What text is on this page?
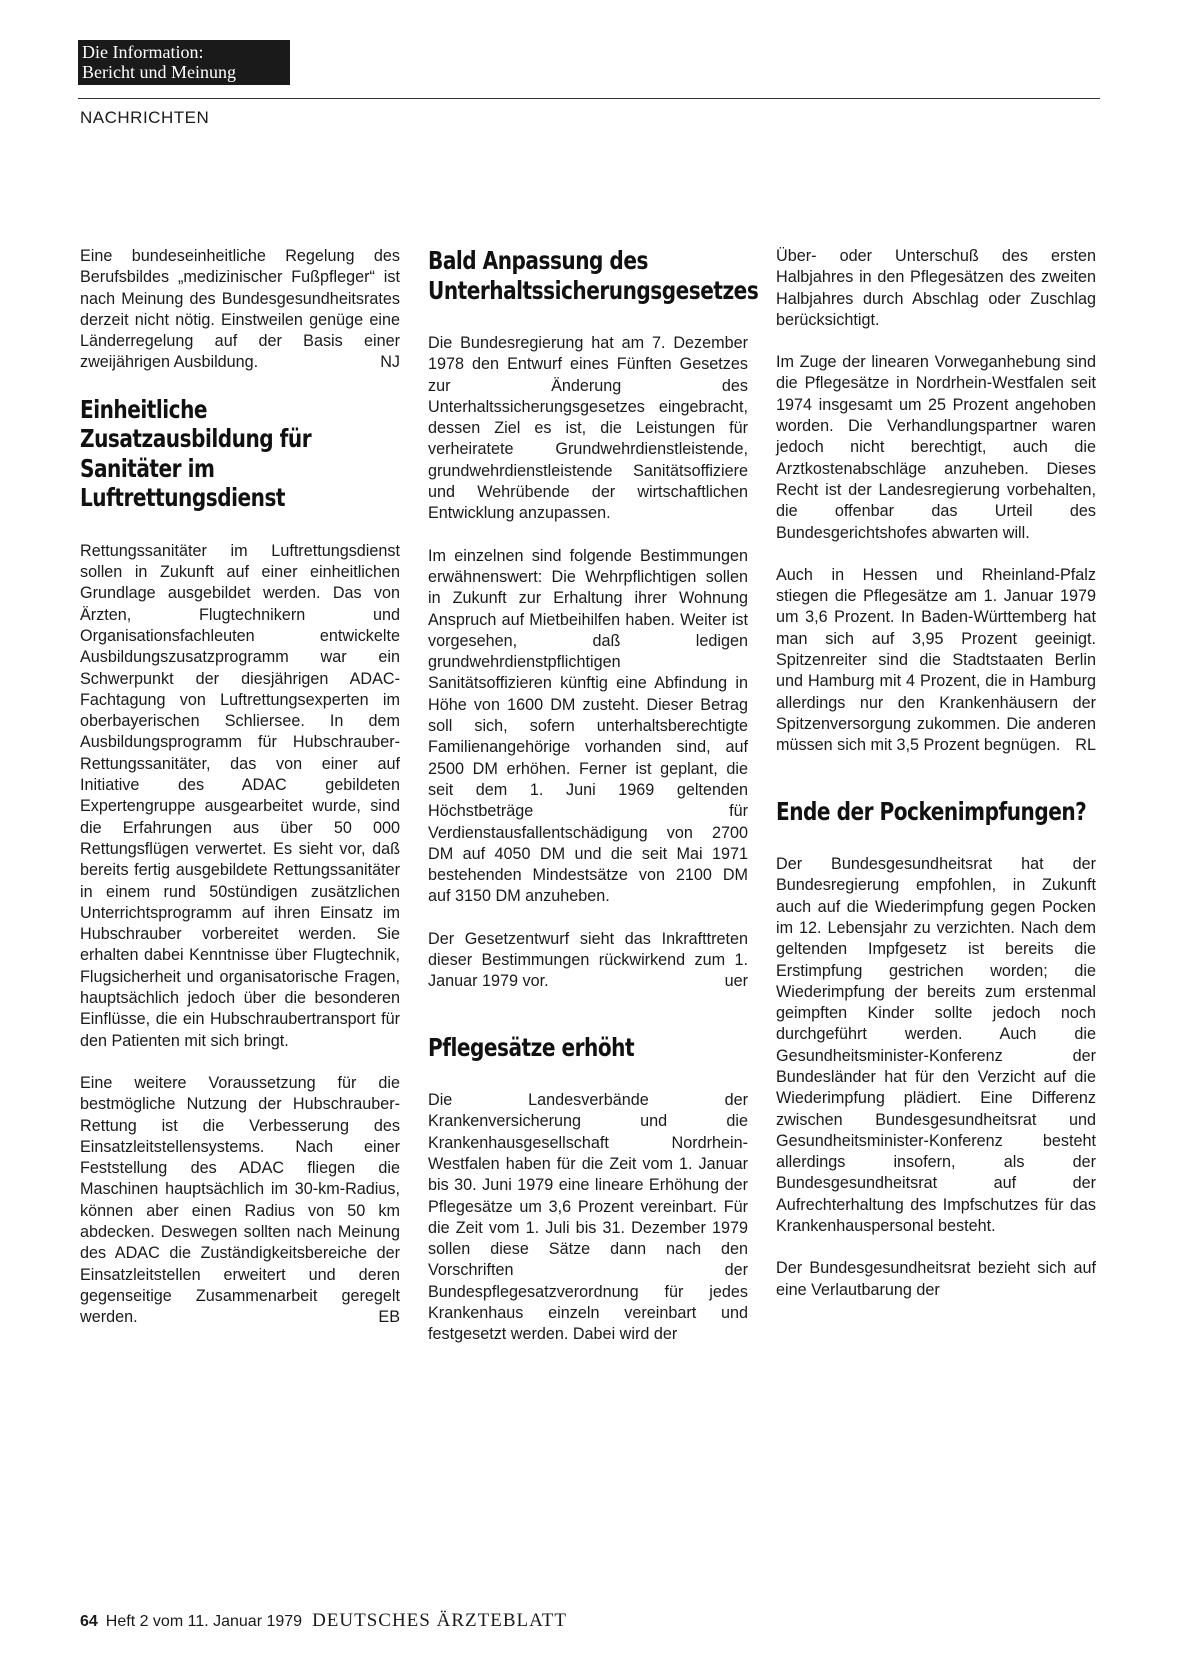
Die Information:
Bericht und Meinung
NACHRICHTEN

Eine bundeseinheitliche Regelung des Berufsbildes „medizinischer Fußpfleger“ ist nach Meinung des Bundesgesundheitsrates derzeit nicht nötig. Einstweilen genüge eine Länderregelung auf der Basis einer zweijährigen Ausbildung.	NJ

Einheitliche Zusatzausbildung für Sanitäter im Luftrettungsdienst

Rettungssanitäter im Luftrettungsdienst sollen in Zukunft auf einer einheitlichen Grundlage ausgebildet werden. Das von Ärzten, Flugtechnikern und Organisationsfachleuten entwickelte Ausbildungszusatzprogramm war ein Schwerpunkt der diesjährigen ADAC-Fachtagung von Luftrettungsexperten im oberbayerischen Schliersee. In dem Ausbildungsprogramm für Hubschrauber-Rettungssanitäter, das von einer auf Initiative des ADAC gebildeten Expertengruppe ausgearbeitet wurde, sind die Erfahrungen aus über 50 000 Rettungsflügen verwertet. Es sieht vor, daß bereits fertig ausgebildete Rettungssanitäter in einem rund 50stündigen zusätzlichen Unterrichtsprogramm auf ihren Einsatz im Hubschrauber vorbereitet werden. Sie erhalten dabei Kenntnisse über Flugtechnik, Flugsicherheit und organisatorische Fragen, hauptsächlich jedoch über die besonderen Einflüsse, die ein Hubschraubertransport für den Patienten mit sich bringt.

Eine weitere Voraussetzung für die bestmögliche Nutzung der Hubschrauber-Rettung ist die Verbesserung des Einsatzleitstellensystems. Nach einer Feststellung des ADAC fliegen die Maschinen hauptsächlich im 30-km-Radius, können aber einen Radius von 50 km abdecken. Deswegen sollten nach Meinung des ADAC die Zuständigkeitsbereiche der Einsatzleitstellen erweitert und deren gegenseitige Zusammenarbeit geregelt werden.	EB

Bald Anpassung des Unterhaltssicherungsgesetzes

Die Bundesregierung hat am 7. Dezember 1978 den Entwurf eines Fünften Gesetzes zur Änderung des Unterhaltssicherungsgesetzes eingebracht, dessen Ziel es ist, die Leistungen für verheiratete Grundwehrdienstleistende, grundwehrdienstleistende Sanitätsoffiziere und Wehrübende der wirtschaftlichen Entwicklung anzupassen.

Im einzelnen sind folgende Bestimmungen erwähnenswert: Die Wehrpflichtigen sollen in Zukunft zur Erhaltung ihrer Wohnung Anspruch auf Mietbeihilfen haben. Weiter ist vorgesehen, daß ledigen grundwehrdienstpflichtigen Sanitätsoffizieren künftig eine Abfindung in Höhe von 1600 DM zusteht. Dieser Betrag soll sich, sofern unterhaltsberechtigte Familienangehörige vorhanden sind, auf 2500 DM erhöhen. Ferner ist geplant, die seit dem 1. Juni 1969 geltenden Höchstbeträge für Verdienstausfallentschädigung von 2700 DM auf 4050 DM und die seit Mai 1971 bestehenden Mindestsätze von 2100 DM auf 3150 DM anzuheben.

Der Gesetzentwurf sieht das Inkrafttreten dieser Bestimmungen rückwirkend zum 1. Januar 1979 vor.	uer

Pflegesätze erhöht

Die Landesverbände der Krankenversicherung und die Krankenhausgesellschaft Nordrhein-Westfalen haben für die Zeit vom 1. Januar bis 30. Juni 1979 eine lineare Erhöhung der Pflegesätze um 3,6 Prozent vereinbart. Für die Zeit vom 1. Juli bis 31. Dezember 1979 sollen diese Sätze dann nach den Vorschriften der Bundespflegesatzverordnung für jedes Krankenhaus einzeln vereinbart und festgesetzt werden. Dabei wird der

Über- oder Unterschuß des ersten Halbjahres in den Pflegesätzen des zweiten Halbjahres durch Abschlag oder Zuschlag berücksichtigt.

Im Zuge der linearen Vorweganhebung sind die Pflegesätze in Nordrhein-Westfalen seit 1974 insgesamt um 25 Prozent angehoben worden. Die Verhandlungspartner waren jedoch nicht berechtigt, auch die Arztkostenabschläge anzuheben. Dieses Recht ist der Landesregierung vorbehalten, die offenbar das Urteil des Bundesgerichtshofes abwarten will.

Auch in Hessen und Rheinland-Pfalz stiegen die Pflegesätze am 1. Januar 1979 um 3,6 Prozent. In Baden-Württemberg hat man sich auf 3,95 Prozent geeinigt. Spitzenreiter sind die Stadtstaaten Berlin und Hamburg mit 4 Prozent, die in Hamburg allerdings nur den Krankenhäusern der Spitzenversorgung zukommen. Die anderen müssen sich mit 3,5 Prozent begnügen. RL

Ende der Pockenimpfungen?

Der Bundesgesundheitsrat hat der Bundesregierung empfohlen, in Zukunft auch auf die Wiederimpfung gegen Pocken im 12. Lebensjahr zu verzichten. Nach dem geltenden Impfgesetz ist bereits die Erstimpfung gestrichen worden; die Wiederimpfung der bereits zum erstenmal geimpften Kinder sollte jedoch noch durchgeführt werden. Auch die Gesundheitsminister-Konferenz der Bundesländer hat für den Verzicht auf die Wiederimpfung plädiert. Eine Differenz zwischen Bundesgesundheitsrat und Gesundheitsminister-Konferenz besteht allerdings insofern, als der Bundesgesundheitsrat auf der Aufrechterhaltung des Impfschutzes für das Krankenhauspersonal besteht.

Der Bundesgesundheitsrat bezieht sich auf eine Verlautbarung der

64 Heft 2 vom 11. Januar 1979 DEUTSCHES ÄRZTEBLATT
